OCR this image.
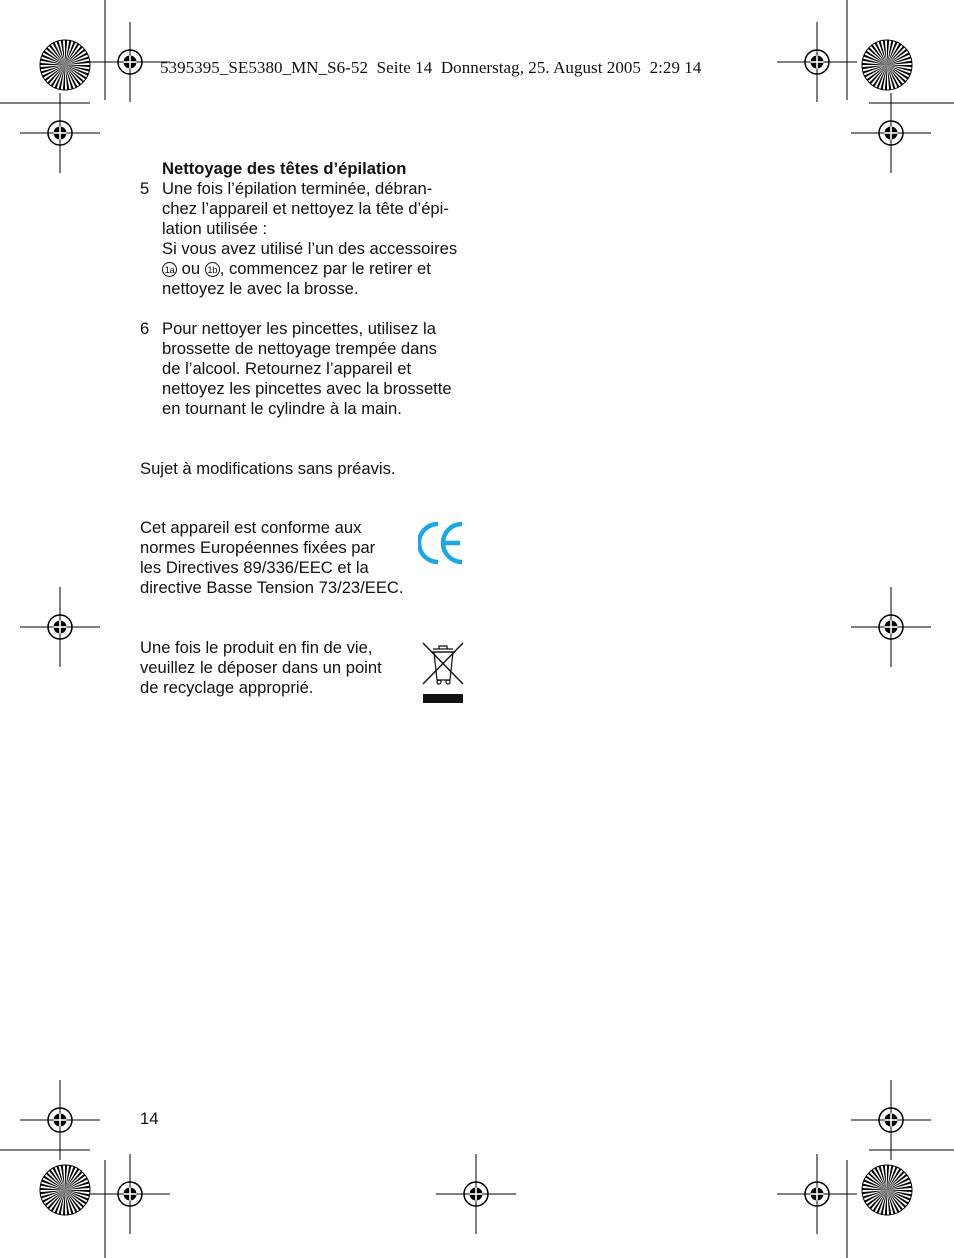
5395395_SE5380_MN_S6-52  Seite 14  Donnerstag, 25. August 2005  2:29 14
Nettoyage des têtes d’épilation
5 Une fois l’épilation terminée, débran-
chez l’appareil et nettoyez la tête d’épi-
lation utilisée :
Si vous avez utilisé l’un des accessoires
1a ou 1b , commencez par le retirer et
nettoyez le avec la brosse.
6 Pour nettoyer les pincettes, utilisez la
brossette de nettoyage trempée dans
de l’alcool. Retournez l’appareil et
nettoyez les pincettes avec la brossette
en tournant le cylindre à la main.
Sujet à modifications sans préavis.
Cet appareil est conforme aux
normes Européennes fixées par
les Directives 89/336/EEC et la
directive Basse Tension 73/23/EEC.
Une fois le produit en fin de vie,
veuillez le déposer dans un point
de recyclage approprié.
14
